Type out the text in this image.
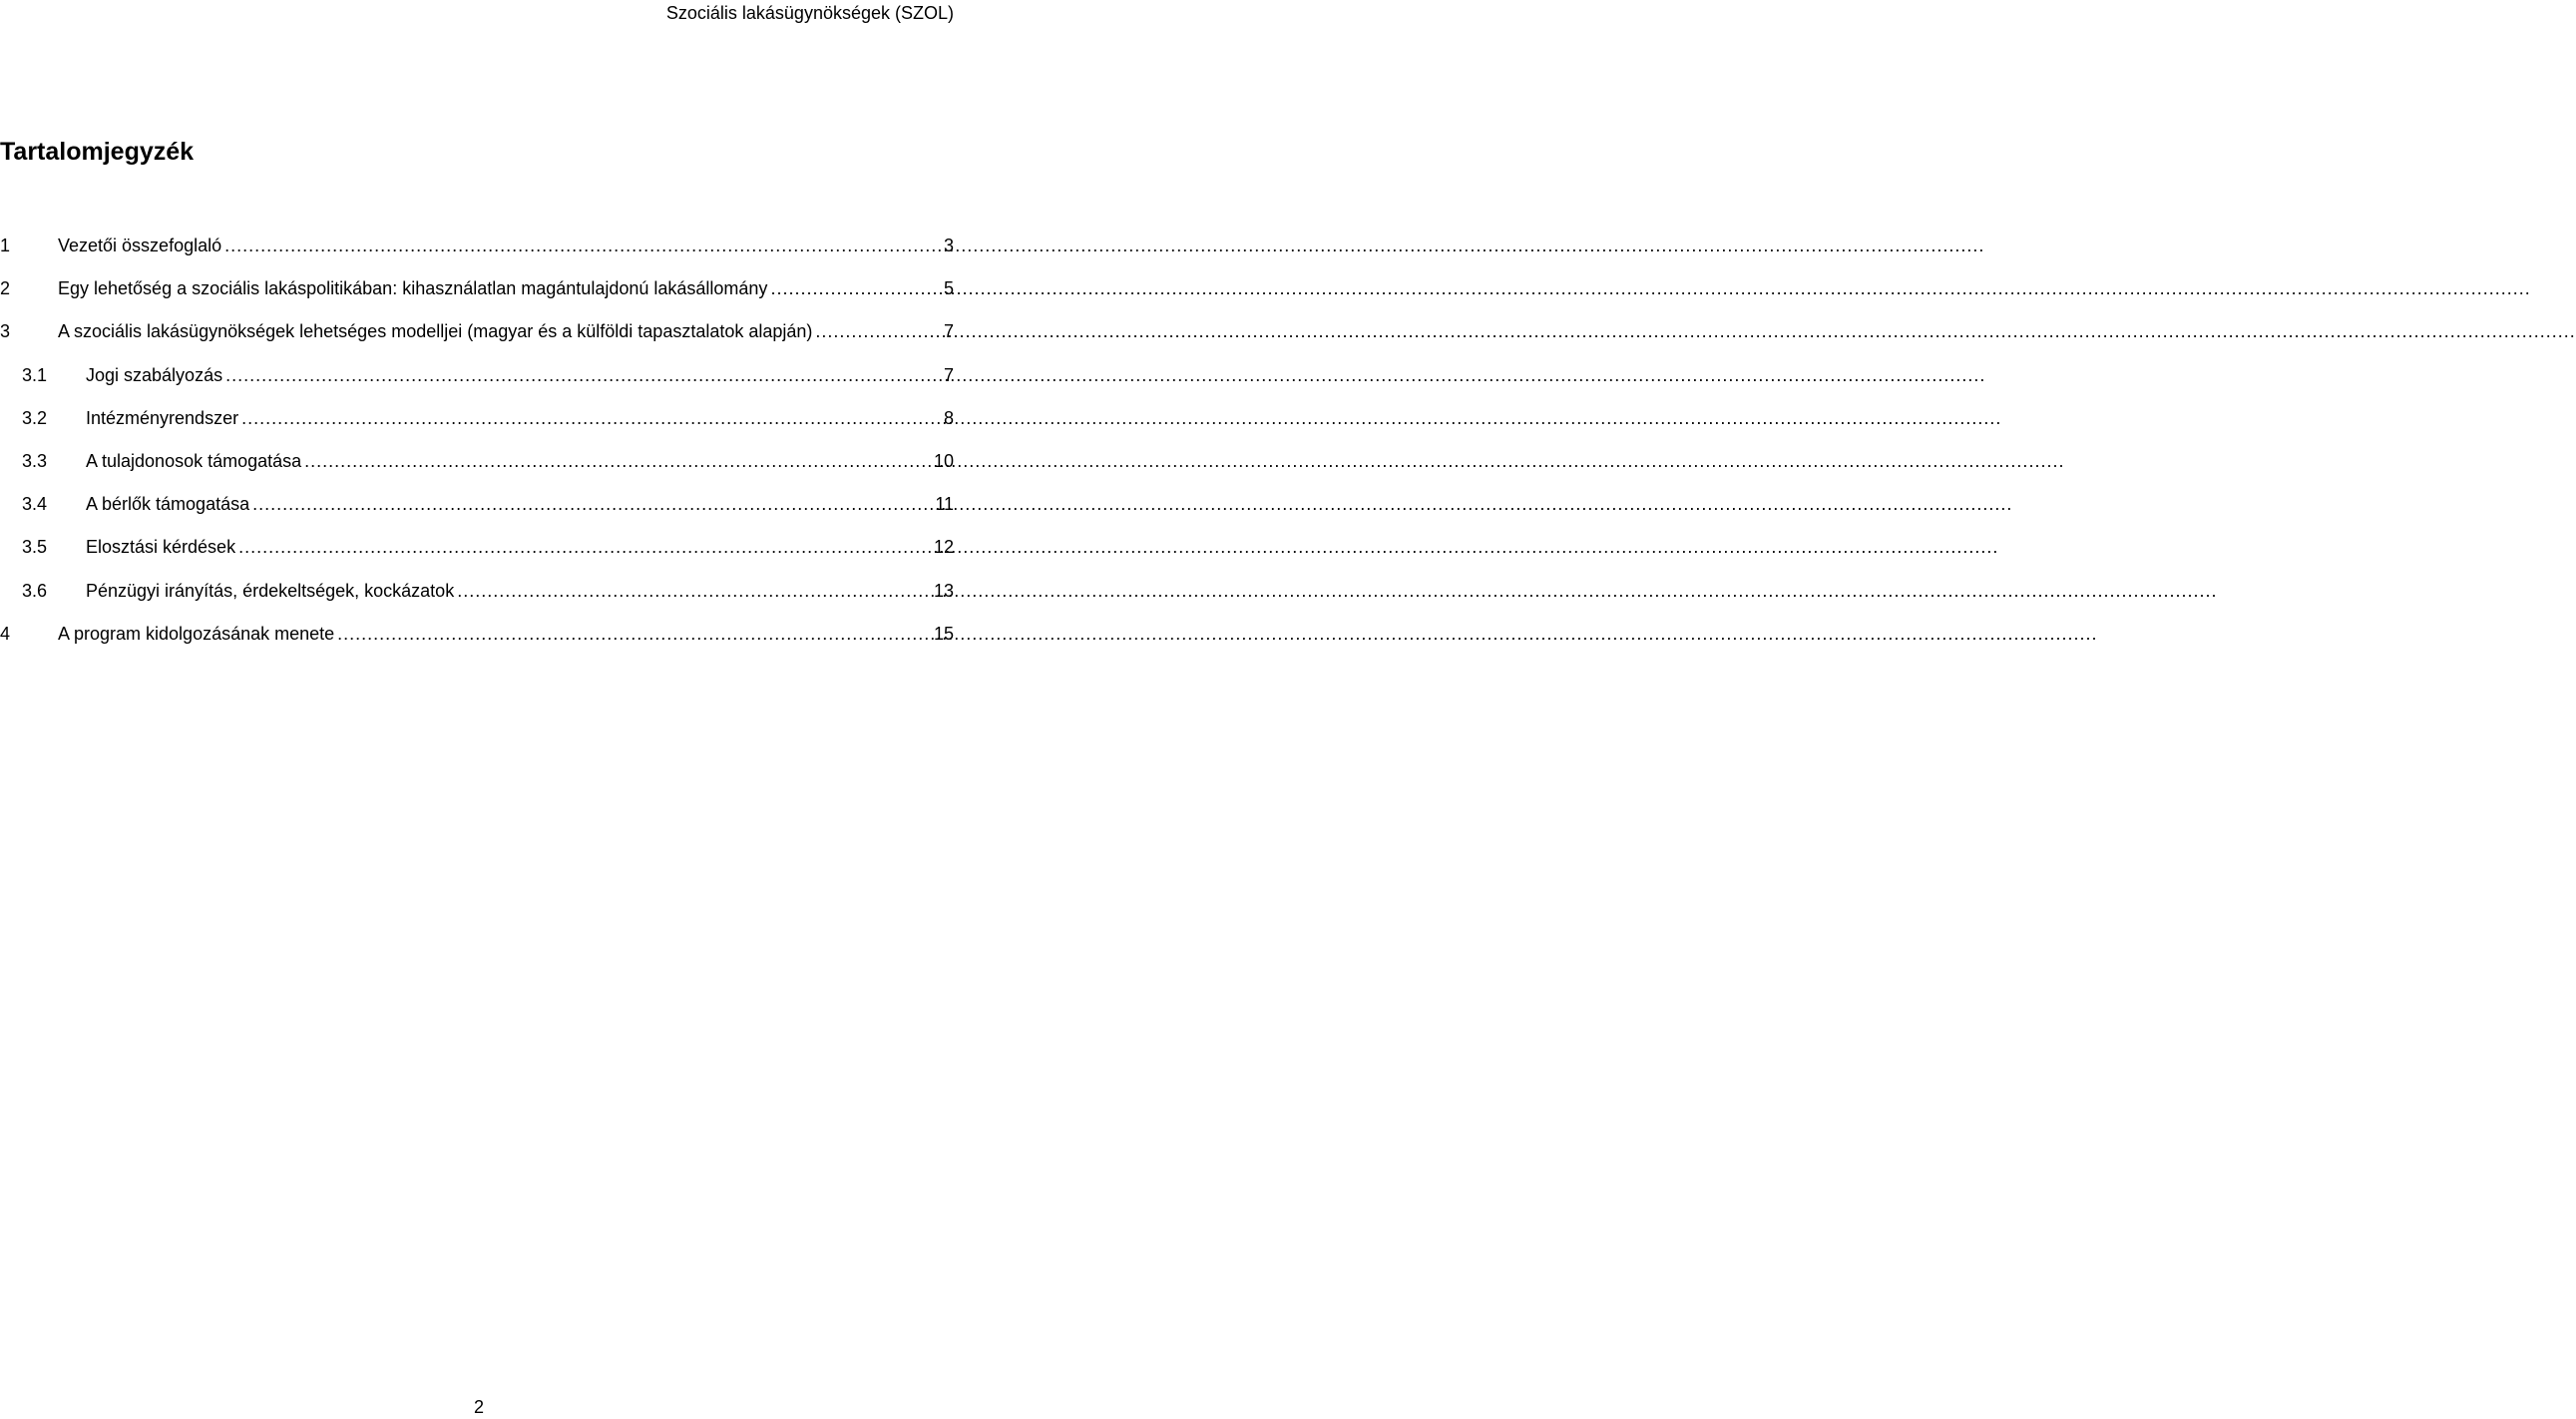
Szociális lakásügynökségek (SZOL)
Tartalomjegyzék
1	Vezetői összefoglaló .....	3
2	Egy lehetőség a szociális lakáspolitikában: kihasználatlan magántulajdonú lakásállomány .....	5
3	A szociális lakásügynökségek lehetséges modelljei (magyar és a külföldi tapasztalatok alapján) .....	7
3.1	Jogi szabályozás .....	7
3.2	Intézményrendszer .....	8
3.3	A tulajdonosok támogatása .....	10
3.4	A bérlők támogatása .....	11
3.5	Elosztási kérdések .....	12
3.6	Pénzügyi irányítás, érdekeltségek, kockázatok .....	13
4	A program kidolgozásának menete .....	15
2
